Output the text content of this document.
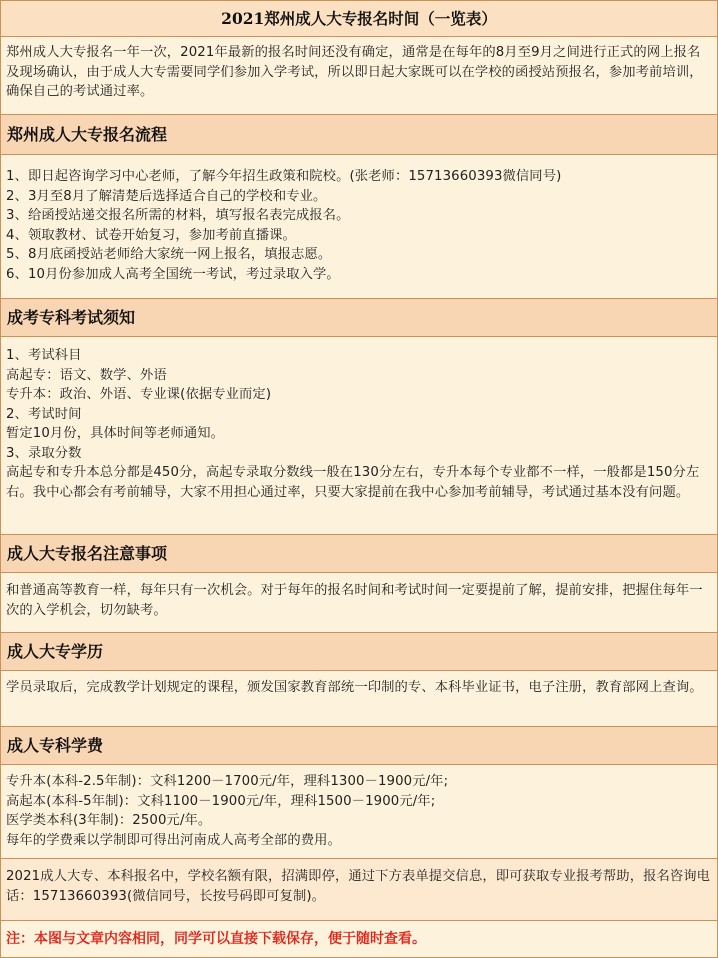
2021郑州成人大专报名时间（一览表）

郑州成人大专报名一年一次，2021年最新的报名时间还没有确定，通常是在每年的8月至9月之间进行正式的网上报名及现场确认，由于成人大专需要同学们参加入学考试，所以即日起大家既可以在学校的函授站预报名，参加考前培训，确保自己的考试通过率。

郑州成人大专报名流程

1、即日起咨询学习中心老师，了解今年招生政策和院校。(张老师：15713660393微信同号)

2、3月至8月了解清楚后选择适合自己的学校和专业。

3、给函授站递交报名所需的材料，填写报名表完成报名。

4、领取教材、试卷开始复习，参加考前直播课。

5、8月底函授站老师给大家统一网上报名，填报志愿。

6、10月份参加成人高考全国统一考试，考过录取入学。

成考专科考试须知

1、考试科目

高起专：语文、数学、外语

专升本：政治、外语、专业课(依据专业而定)

2、考试时间

暂定10月份，具体时间等老师通知。

3、录取分数

高起专和专升本总分都是450分，高起专录取分数线一般在130分左右，专升本每个专业都不一样，一般都是150分左右。我中心都会有考前辅导，大家不用担心通过率，只要大家提前在我中心参加考前辅导，考试通过基本没有问题。

成人大专报名注意事项

和普通高等教育一样，每年只有一次机会。对于每年的报名时间和考试时间一定要提前了解，提前安排，把握住每年一次的入学机会，切勿缺考。

成人大专学历

学员录取后，完成教学计划规定的课程，颁发国家教育部统一印制的专、本科毕业证书，电子注册，教育部网上查询。

成人专科学费

专升本(本科-2.5年制)：文科1200－1700元/年，理科1300－1900元/年;

高起本(本科-5年制)：文科1100－1900元/年，理科1500－1900元/年;

医学类本科(3年制)：2500元/年。

每年的学费乘以学制即可得出河南成人高考全部的费用。

2021成人大专、本科报名中，学校名额有限，招满即停，通过下方表单提交信息，即可获取专业报考帮助，报名咨询电话：15713660393(微信同号，长按号码即可复制)。

注：本图与文章内容相同，同学可以直接下载保存，便于随时查看。
